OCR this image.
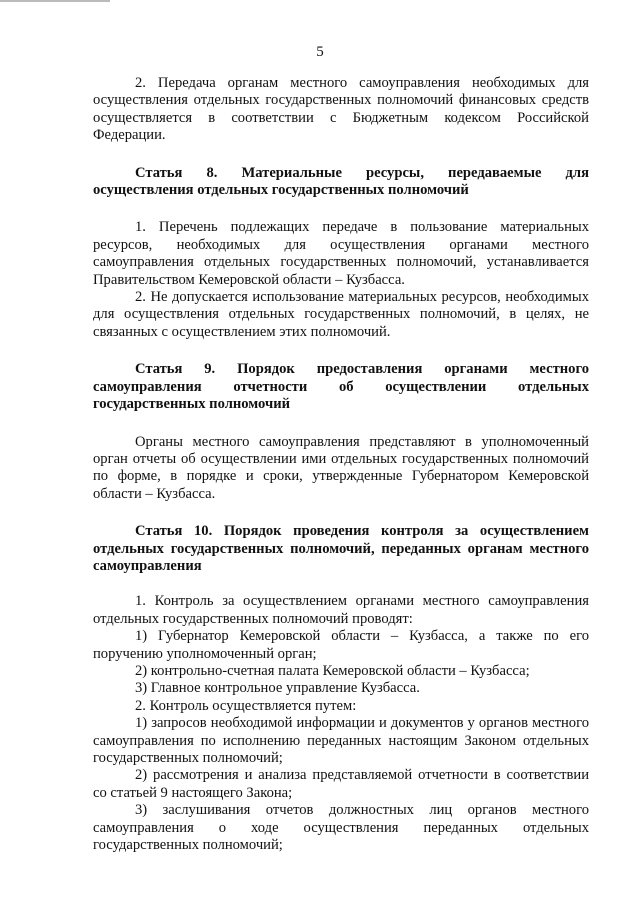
5

2. Передача органам местного самоуправления необходимых для осуществления отдельных государственных полномочий финансовых средств осуществляется в соответствии с Бюджетным кодексом Российской Федерации.

Статья 8. Материальные ресурсы, передаваемые для осуществления отдельных государственных полномочий

1. Перечень подлежащих передаче в пользование материальных ресурсов, необходимых для осуществления органами местного самоуправления отдельных государственных полномочий, устанавливается Правительством Кемеровской области – Кузбасса.

2. Не допускается использование материальных ресурсов, необходимых для осуществления отдельных государственных полномочий, в целях, не связанных с осуществлением этих полномочий.

Статья 9. Порядок предоставления органами местного самоуправления отчетности об осуществлении отдельных государственных полномочий

Органы местного самоуправления представляют в уполномоченный орган отчеты об осуществлении ими отдельных государственных полномочий по форме, в порядке и сроки, утвержденные Губернатором Кемеровской области – Кузбасса.

Статья 10. Порядок проведения контроля за осуществлением отдельных государственных полномочий, переданных органам местного самоуправления

1. Контроль за осуществлением органами местного самоуправления отдельных государственных полномочий проводят:

1) Губернатор Кемеровской области – Кузбасса, а также по его поручению уполномоченный орган;

2) контрольно-счетная палата Кемеровской области – Кузбасса;

3) Главное контрольное управление Кузбасса.

2. Контроль осуществляется путем:

1) запросов необходимой информации и документов у органов местного самоуправления по исполнению переданных настоящим Законом отдельных государственных полномочий;

2) рассмотрения и анализа представляемой отчетности в соответствии со статьей 9 настоящего Закона;

3) заслушивания отчетов должностных лиц органов местного самоуправления о ходе осуществления переданных отдельных государственных полномочий;
